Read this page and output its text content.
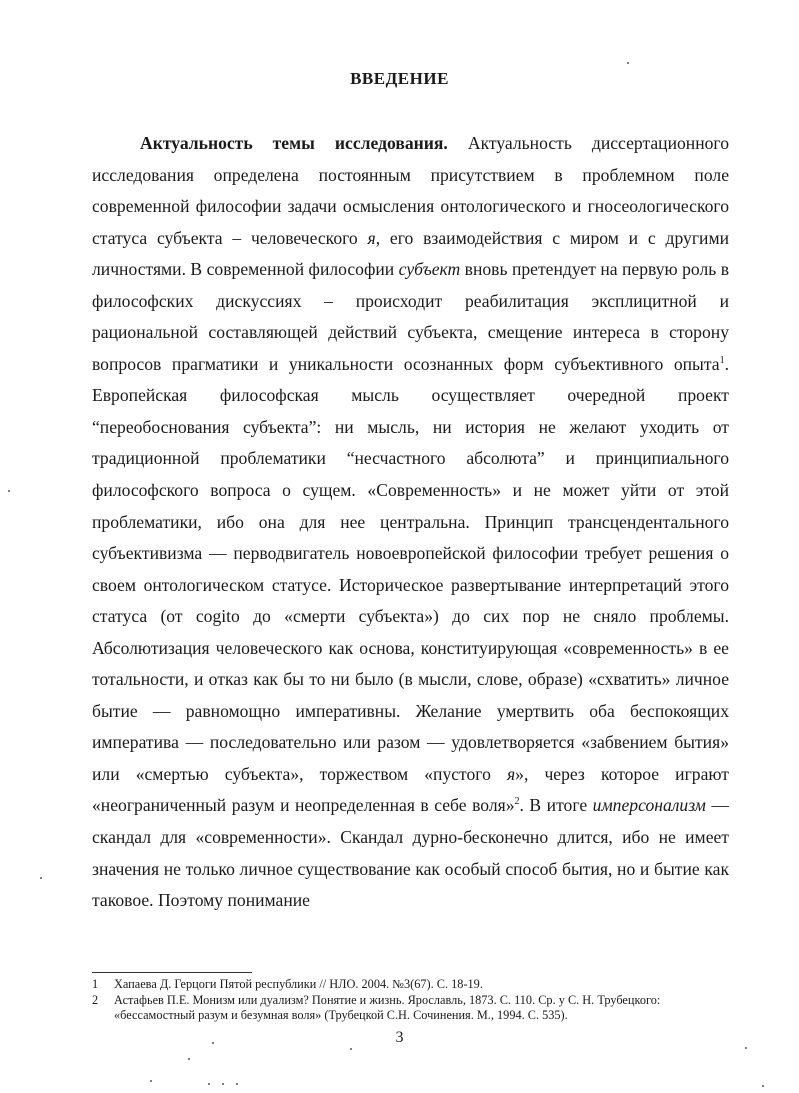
ВВЕДЕНИЕ

Актуальность темы исследования. Актуальность диссертационного исследования определена постоянным присутствием в проблемном поле современной философии задачи осмысления онтологического и гносеологического статуса субъекта – человеческого я, его взаимодействия с миром и с другими личностями. В современной философии субъект вновь претендует на первую роль в философских дискуссиях – происходит реабилитация эксплицитной и рациональной составляющей действий субъекта, смещение интереса в сторону вопросов прагматики и уникальности осознанных форм субъективного опыта$^1$. Европейская философская мысль осуществляет очередной проект “переобоснования субъекта”: ни мысль, ни история не желают уходить от традиционной проблематики “несчастного абсолюта” и принципиального философского вопроса о сущем. «Современность» и не может уйти от этой проблематики, ибо она для нее центральна. Принцип трансцендентального субъективизма — перводвигатель новоевропейской философии требует решения о своем онтологическом статусе. Историческое развертывание интерпретаций этого статуса (от cogito до «смерти субъекта») до сих пор не сняло проблемы. Абсолютизация человеческого как основа, конституирующая «современность» в ее тотальности, и отказ как бы то ни было (в мысли, слове, образе) «схватить» личное бытие — равномощно императивны. Желание умертвить оба беспокоящих императива — последовательно или разом — удовлетворяется «забвением бытия» или «смертью субъекта», торжеством «пустого я», через которое играют «неограниченный разум и неопределенная в себе воля»$^2$. В итоге имперсонализм — скандал для «современности». Скандал дурно-бесконечно длится, ибо не имеет значения не только личное существование как особый способ бытия, но и бытие как таковое. Поэтому понимание

1	Хапаева Д. Герцоги Пятой республики // НЛО. 2004. №3(67). С. 18-19.
2	Астафьев П.Е. Монизм или дуализм? Понятие и жизнь. Ярославль, 1873. С. 110. Ср. у С. Н. Трубецкого: «бессамостный разум и безумная воля» (Трубецкой С.Н. Сочинения. М., 1994. С. 535).
3
